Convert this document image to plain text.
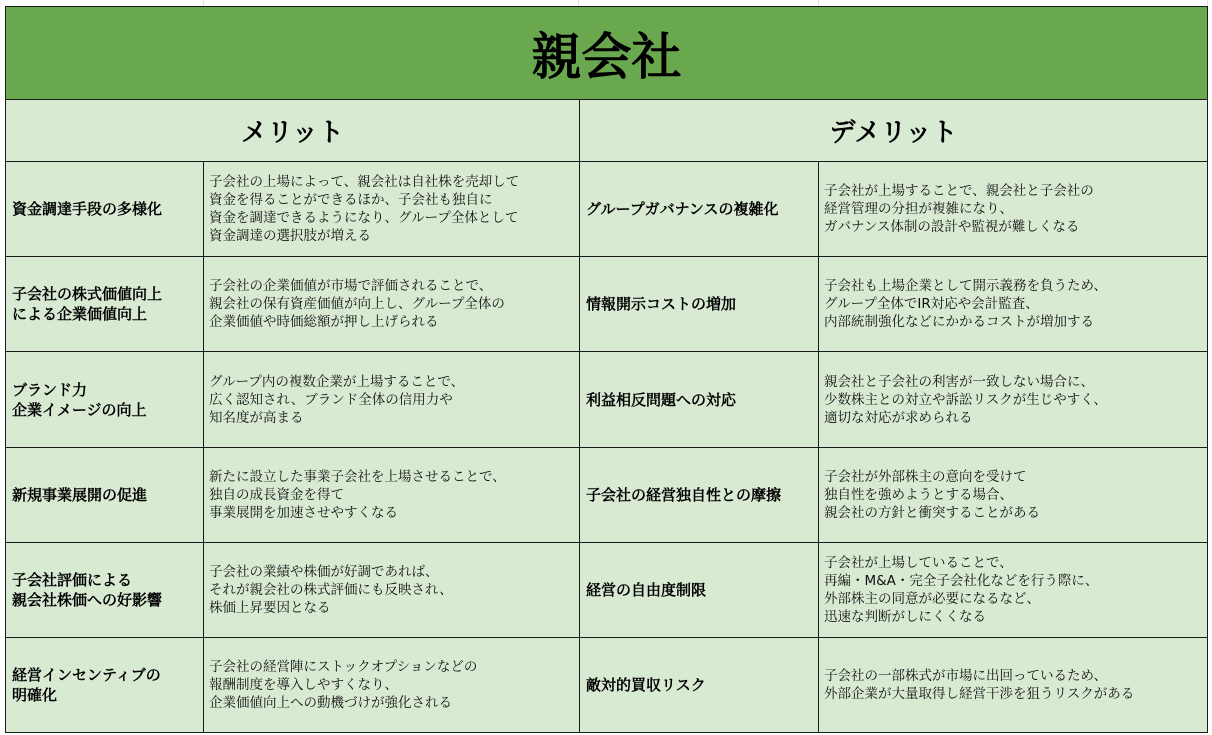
親会社			
メリット		デメリット	

資金調達手段の多様化	子会社の上場によって、親会社は自社株を売却して
資金を得ることができるほか、子会社も独自に
資金を調達できるようになり、グループ全体として
資金調達の選択肢が増える	グループガバナンスの複雑化	子会社が上場することで、親会社と子会社の
経営管理の分担が複雑になり、
ガバナンス体制の設計や監視が難しくなる

子会社の株式価値向上
による企業価値向上	子会社の企業価値が市場で評価されることで、
親会社の保有資産価値が向上し、グループ全体の
企業価値や時価総額が押し上げられる	情報開示コストの増加	子会社も上場企業として開示義務を負うため、
グループ全体でIR対応や会計監査、
内部統制強化などにかかるコストが増加する

ブランド力
企業イメージの向上	グループ内の複数企業が上場することで、
広く認知され、ブランド全体の信用力や
知名度が高まる	利益相反問題への対応	親会社と子会社の利害が一致しない場合に、
少数株主との対立や訴訟リスクが生じやすく、
適切な対応が求められる

新規事業展開の促進	新たに設立した事業子会社を上場させることで、
独自の成長資金を得て
事業展開を加速させやすくなる	子会社の経営独自性との摩擦	子会社が外部株主の意向を受けて
独自性を強めようとする場合、
親会社の方針と衝突することがある

子会社評価による
親会社株価への好影響	子会社の業績や株価が好調であれば、
それが親会社の株式評価にも反映され、
株価上昇要因となる	経営の自由度制限	子会社が上場していることで、
再編・M&A・完全子会社化などを行う際に、
外部株主の同意が必要になるなど、
迅速な判断がしにくくなる

経営インセンティブの
明確化	子会社の経営陣にストックオプションなどの
報酬制度を導入しやすくなり、
企業価値向上への動機づけが強化される	敵対的買収リスク	子会社の一部株式が市場に出回っているため、
外部企業が大量取得し経営干渉を狙うリスクがある
